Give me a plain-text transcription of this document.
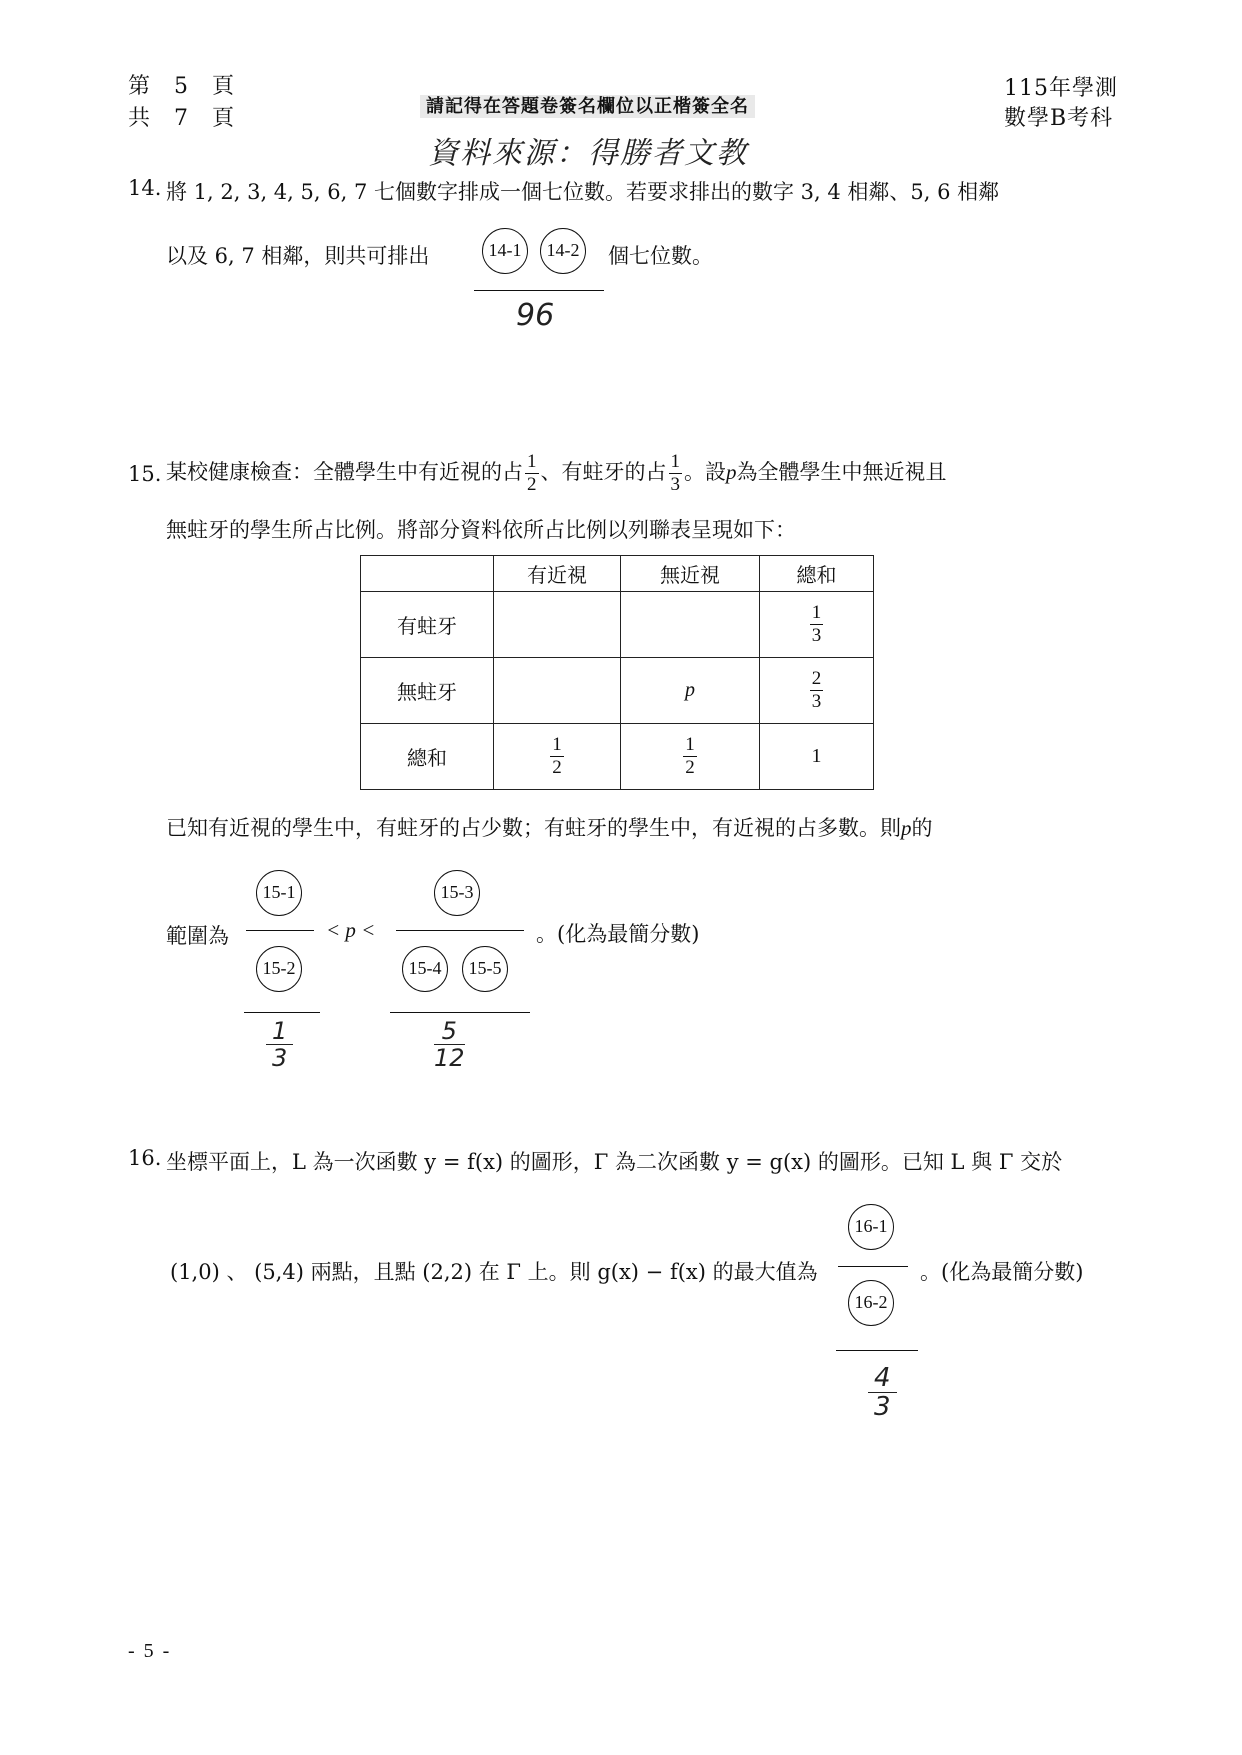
第　5　頁
共　7　頁	請記得在答題卷簽名欄位以正楷簽全名
資料來源：得勝者文教
115年學測
數學B考科
14. 將 1, 2, 3, 4, 5, 6, 7 七個數字排成一個七位數。若要求排出的數字 3, 4 相鄰、5, 6 相鄰
以及 6, 7 相鄰，則共可排出	14-1	14-2	個七位數。
96
15. 某校健康檢查：全體學生中有近視的占 $\frac{1}{2}$ 、有蛀牙的占 $\frac{1}{3}$ 。設p為全體學生中無近視且
無蛀牙的學生所占比例。將部分資料依所占比例以列聯表呈現如下：
	有近視	無近視	總和
有蛀牙			$\frac{1}{3}$

無蛀牙		p	$\frac{2}{3}$

總和	$\frac{1}{2}$	$\frac{1}{2}$	1
已知有近視的學生中，有蛀牙的占少數；有蛀牙的學生中，有近視的占多數。則p的
範圍為
15-1
15-2
< p <
15-3
15-4	15-5
。(化為最簡分數)
$\frac{1}{3}$	$\frac{5}{12}$
16. 坐標平面上，L 為一次函數 y = f(x) 的圖形，Γ 為二次函數 y = g(x) 的圖形。已知 L 與 Γ 交於
16-1
(1,0) 、 (5,4) 兩點，且點 (2,2) 在 Γ 上。則 g(x) − f(x) 的最大值為
16-2
。(化為最簡分數)
$\frac{4}{3}$
- 5 -
